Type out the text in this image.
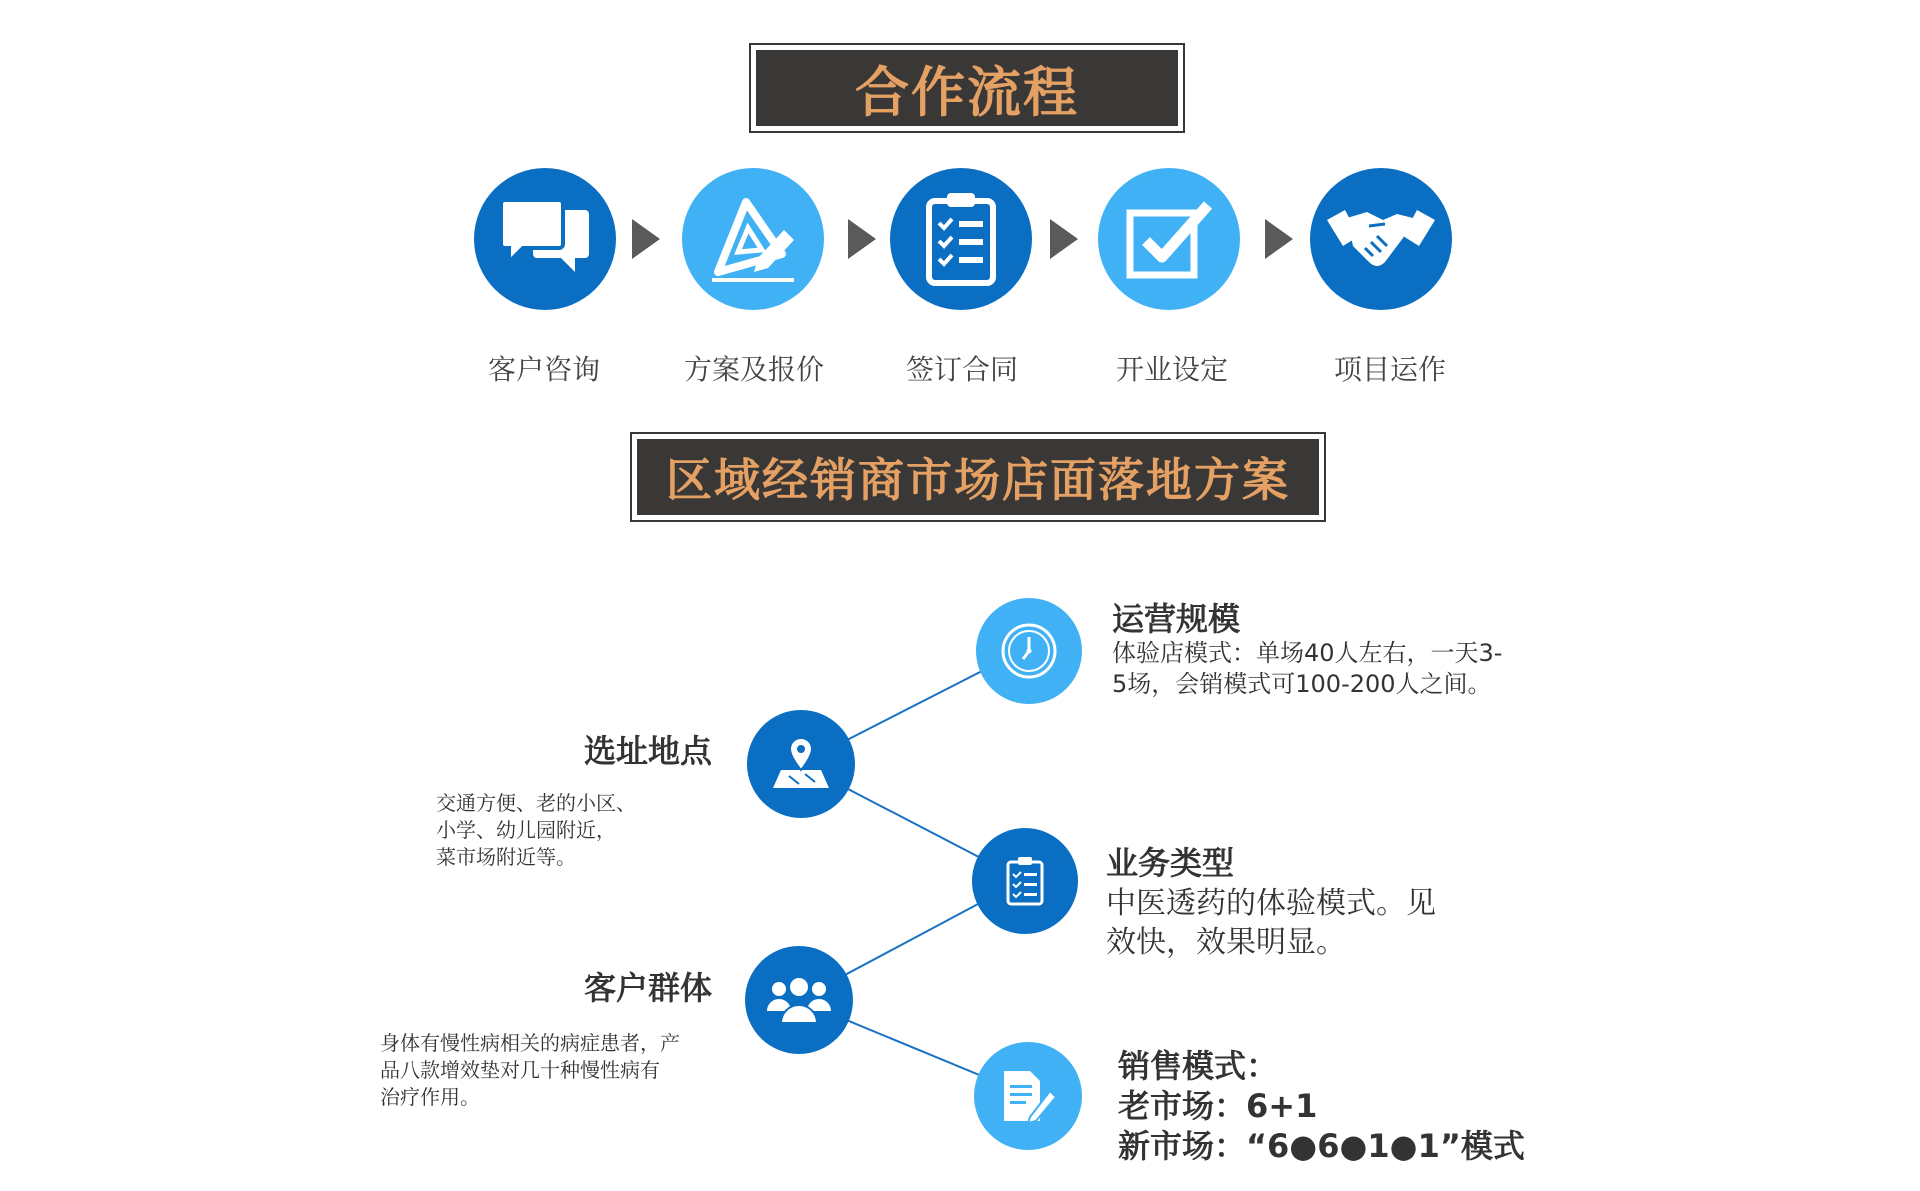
合作流程
客户咨询	方案及报价	签订合同	开业设定	项目运作
区域经销商市场店面落地方案
选址地点
交通方便、老的小区、
小学、幼儿园附近，
菜市场附近等。
客户群体
身体有慢性病相关的病症患者，产
品八款增效垫对几十种慢性病有
治疗作用。
运营规模
体验店模式：单场40人左右，一天3-
5场，会销模式可100-200人之间。
业务类型
中医透药的体验模式。见
效快，效果明显。
销售模式：
老市场：6+1
新市场：“6●6●1●1”模式
